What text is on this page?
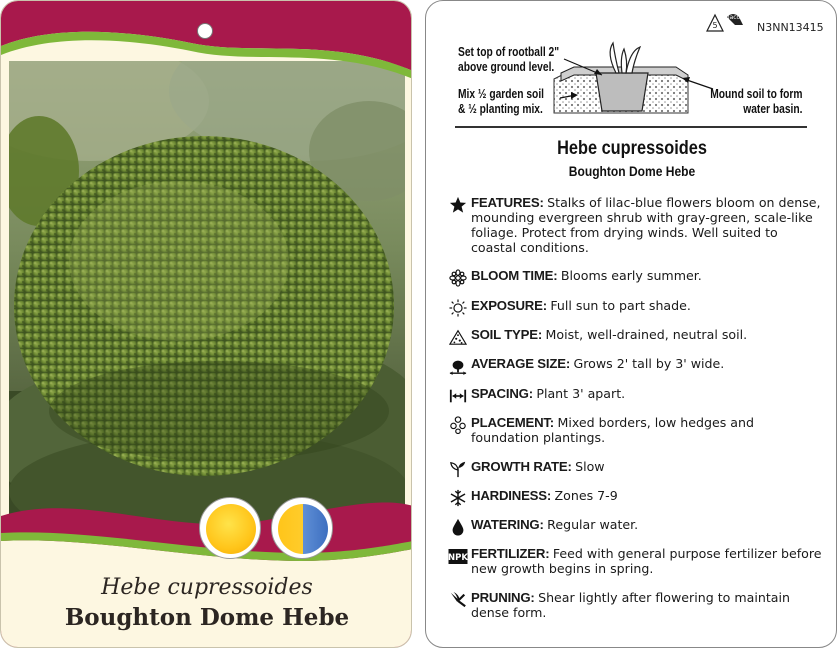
Hebe cupressoides
Boughton Dome Hebe
5
macore
N3NN13415
Set top of rootball 2"
above ground level.
Mix ½ garden soil
& ½ planting mix.
Mound soil to form
water basin.
Hebe cupressoides
Boughton Dome Hebe
FEATURES: Stalks of lilac-blue flowers bloom on dense, mounding evergreen shrub with gray-green, scale-like foliage. Protect from drying winds. Well suited to coastal conditions.
BLOOM TIME: Blooms early summer.
EXPOSURE: Full sun to part shade.
SOIL TYPE: Moist, well-drained, neutral soil.
AVERAGE SIZE: Grows 2' tall by 3' wide.
SPACING: Plant 3' apart.
PLACEMENT: Mixed borders, low hedges and foundation plantings.
GROWTH RATE: Slow
HARDINESS: Zones 7-9
WATERING: Regular water.
NPK FERTILIZER: Feed with general purpose fertilizer before new growth begins in spring.
PRUNING: Shear lightly after flowering to maintain dense form.
